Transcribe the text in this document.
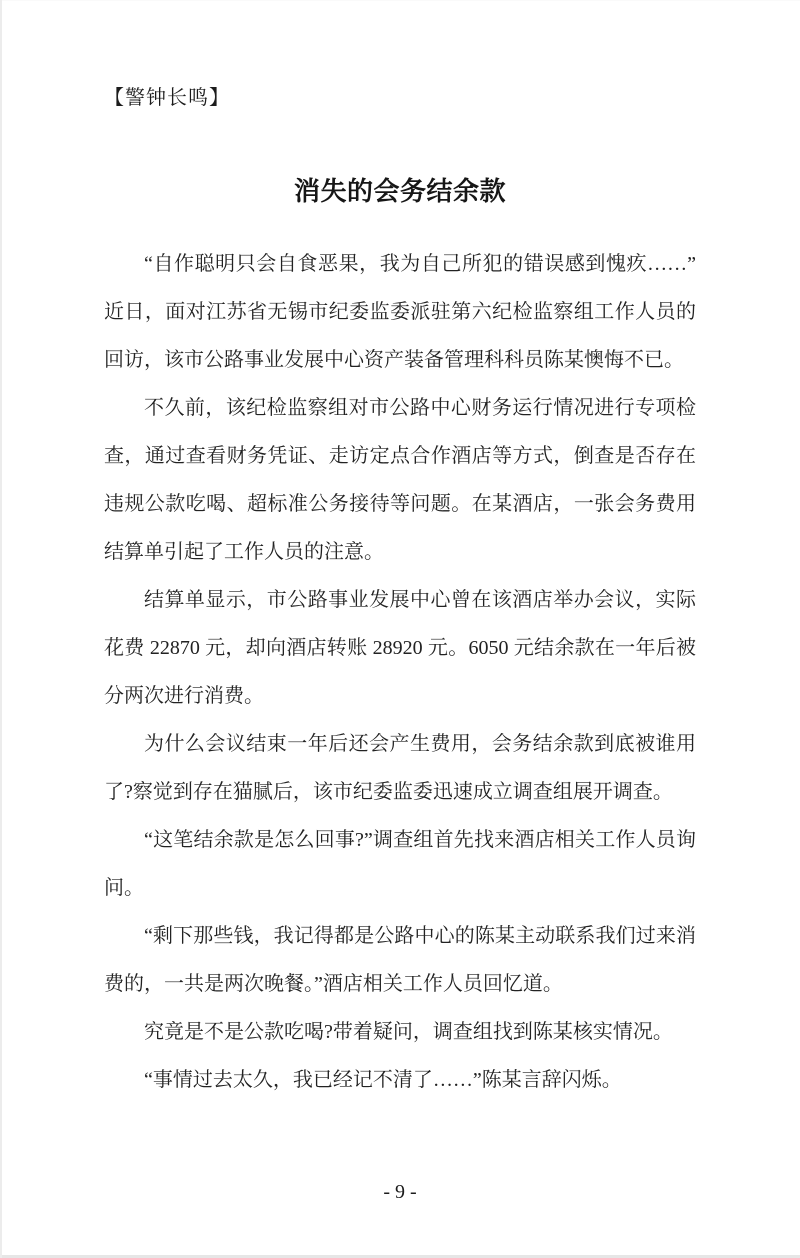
【警钟长鸣】
消失的会务结余款

“自作聪明只会自食恶果，我为自己所犯的错误感到愧疚……”近日，面对江苏省无锡市纪委监委派驻第六纪检监察组工作人员的回访，该市公路事业发展中心资产装备管理科科员陈某懊悔不已。

不久前，该纪检监察组对市公路中心财务运行情况进行专项检查，通过查看财务凭证、走访定点合作酒店等方式，倒查是否存在违规公款吃喝、超标准公务接待等问题。在某酒店，一张会务费用结算单引起了工作人员的注意。

结算单显示，市公路事业发展中心曾在该酒店举办会议，实际花费 22870 元，却向酒店转账 28920 元。6050 元结余款在一年后被分两次进行消费。

为什么会议结束一年后还会产生费用，会务结余款到底被谁用了?察觉到存在猫腻后，该市纪委监委迅速成立调查组展开调查。

“这笔结余款是怎么回事?”调查组首先找来酒店相关工作人员询问。

“剩下那些钱，我记得都是公路中心的陈某主动联系我们过来消费的，一共是两次晚餐。”酒店相关工作人员回忆道。

究竟是不是公款吃喝?带着疑问，调查组找到陈某核实情况。

“事情过去太久，我已经记不清了……”陈某言辞闪烁。

- 9 -
